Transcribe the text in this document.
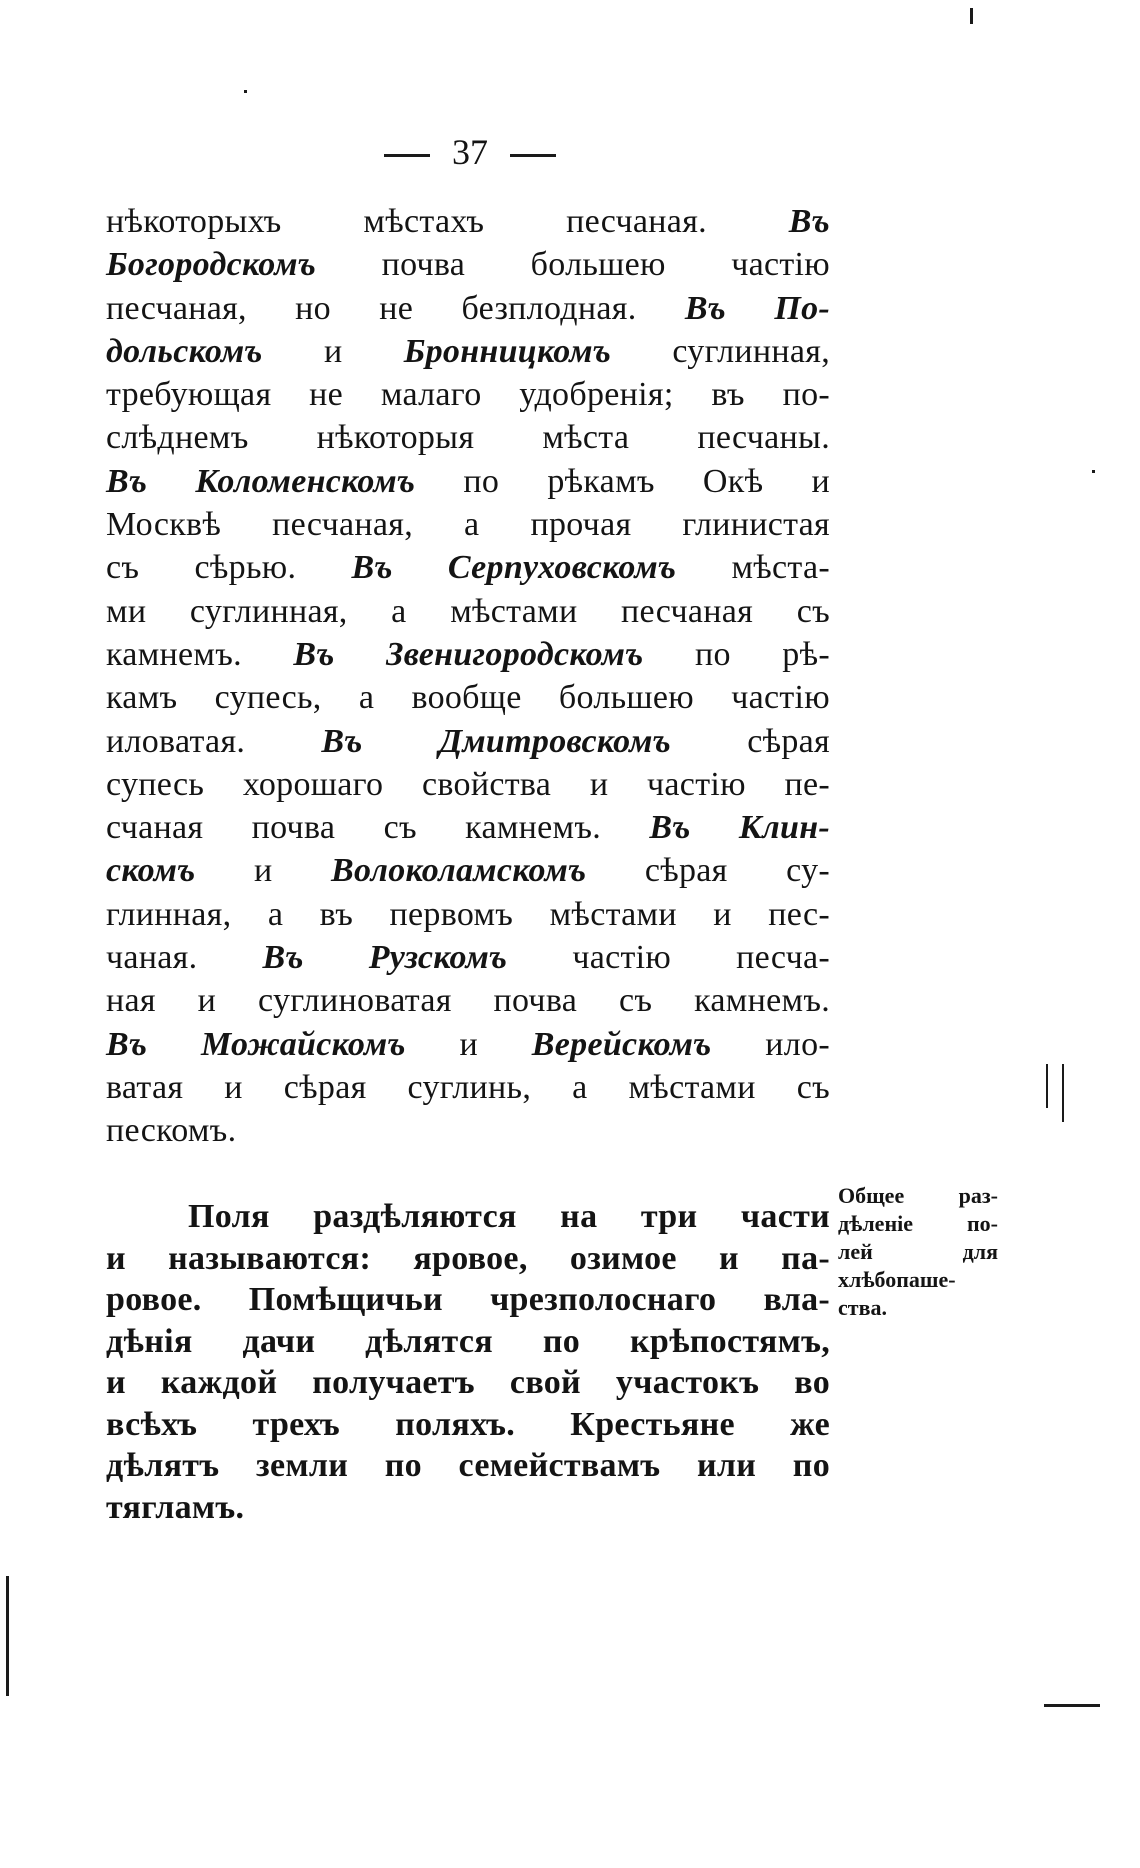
37
нѣкоторыхъ мѣстахъ песчаная. Въ
Богородскомъ почва большею частію
песчаная, но не безплодная. Въ По-
дольскомъ и Бронницкомъ суглинная,
требующая не малаго удобренія; въ по-
слѣднемъ нѣкоторыя мѣста песчаны.
Въ Коломенскомъ по рѣкамъ Окѣ и
Москвѣ песчаная, а прочая глинистая
съ сѣрью. Въ Серпуховскомъ мѣста-
ми суглинная, а мѣстами песчаная съ
камнемъ. Въ Звенигородскомъ по рѣ-
камъ супесь, а вообще большею частію
иловатая. Въ Дмитровскомъ сѣрая
супесь хорошаго свойства и частію пе-
счаная почва съ камнемъ. Въ Клин-
скомъ и Волоколамскомъ сѣрая су-
глинная, а въ первомъ мѣстами и пес-
чаная. Въ Рузскомъ частію песча-
ная и суглиноватая почва съ камнемъ.
Въ Можайскомъ и Верейскомъ ило-
ватая и сѣрая суглинь, а мѣстами съ
пескомъ.
Поля раздѣляются на три части
и называются: яровое, озимое и па-
ровое. Помѣщичьи чрезполоснаго вла-
дѣнія дачи дѣлятся по крѣпостямъ,
и каждой получаетъ свой участокъ во
всѣхъ трехъ поляхъ. Крестьяне же
дѣлятъ земли по семействамъ или по
тягламъ.
Общее раз-
дѣленіе по-
лей для
хлѣбопаше-
ства.
